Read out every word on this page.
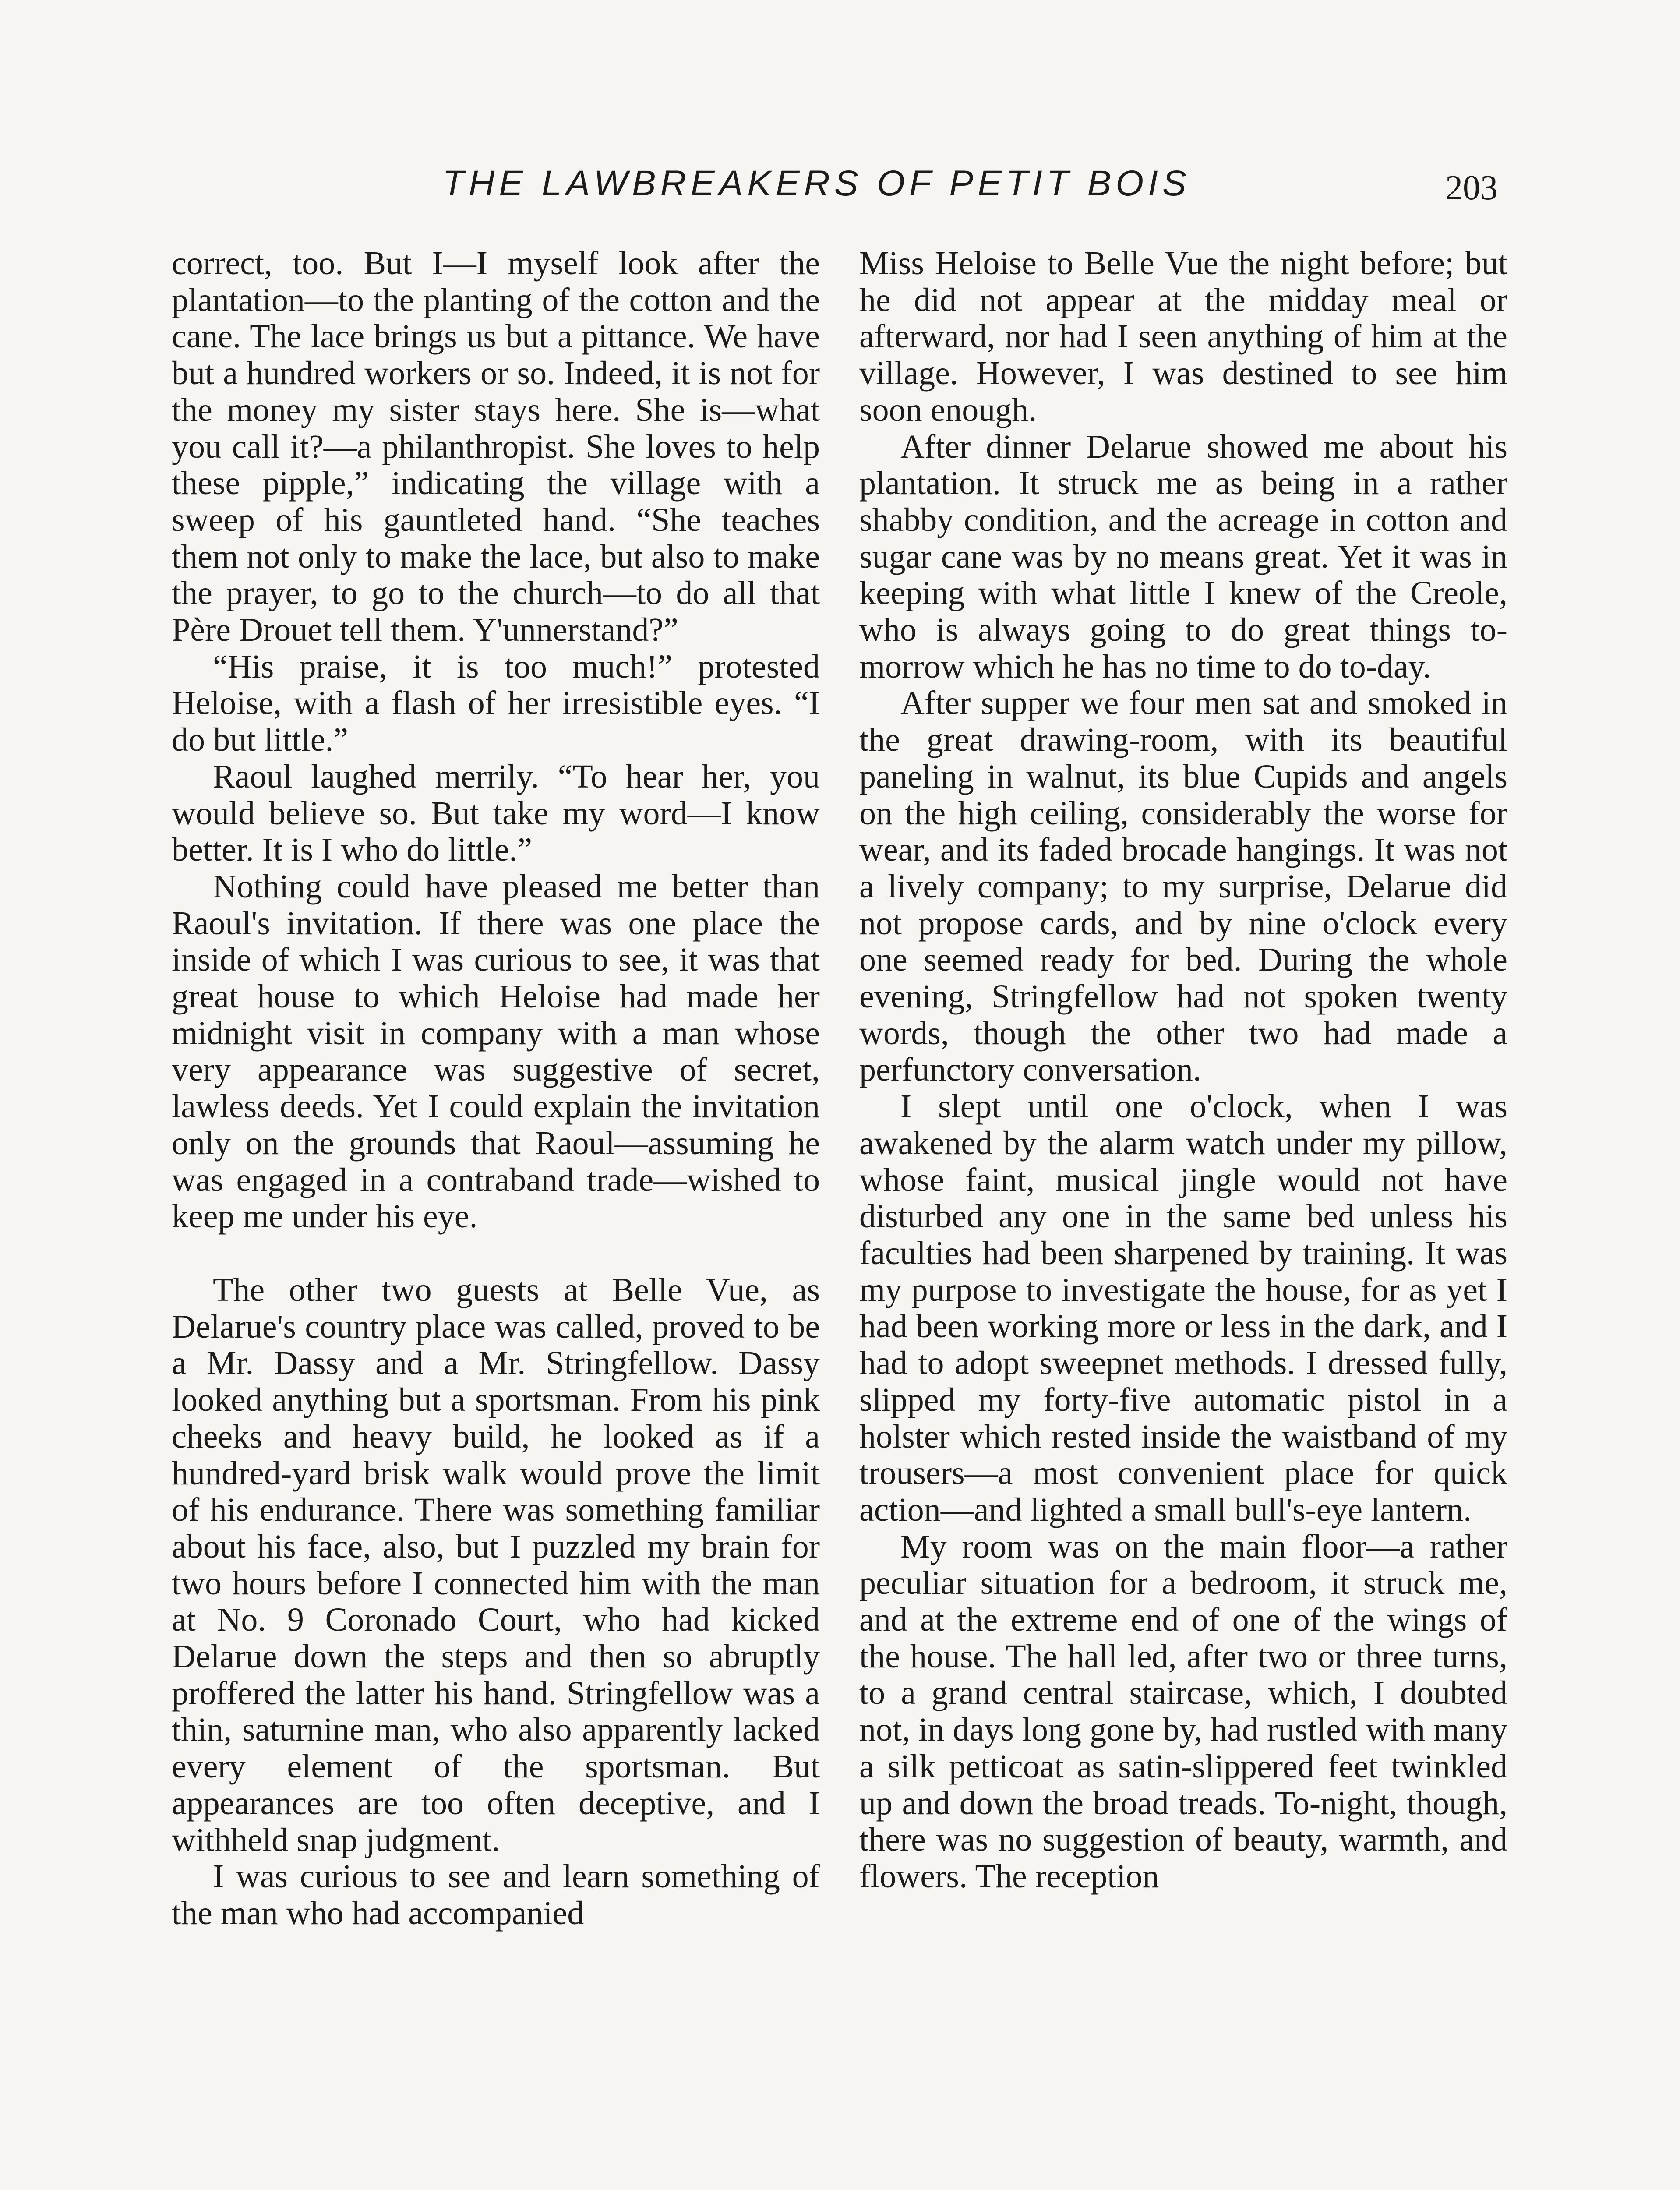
THE LAWBREAKERS OF PETIT BOIS	203

correct, too. But I—I myself look after the plantation—to the planting of the cotton and the cane. The lace brings us but a pittance. We have but a hundred workers or so. Indeed, it is not for the money my sister stays here. She is—what you call it?—a philanthropist. She loves to help these pipple,” indicating the village with a sweep of his gauntleted hand. “She teaches them not only to make the lace, but also to make the prayer, to go to the church—to do all that Père Drouet tell them. Y'unnerstand?”

“His praise, it is too much!” protested Heloise, with a flash of her irresistible eyes. “I do but little.”

Raoul laughed merrily. “To hear her, you would believe so. But take my word—I know better. It is I who do little.”

Nothing could have pleased me better than Raoul's invitation. If there was one place the inside of which I was curious to see, it was that great house to which Heloise had made her midnight visit in company with a man whose very appearance was suggestive of secret, lawless deeds. Yet I could explain the invitation only on the grounds that Raoul—assuming he was engaged in a contraband trade—wished to keep me under his eye.

The other two guests at Belle Vue, as Delarue's country place was called, proved to be a Mr. Dassy and a Mr. Stringfellow. Dassy looked anything but a sportsman. From his pink cheeks and heavy build, he looked as if a hundred-yard brisk walk would prove the limit of his endurance. There was something familiar about his face, also, but I puzzled my brain for two hours before I connected him with the man at No. 9 Coronado Court, who had kicked Delarue down the steps and then so abruptly proffered the latter his hand. Stringfellow was a thin, saturnine man, who also apparently lacked every element of the sportsman. But appearances are too often deceptive, and I withheld snap judgment.

I was curious to see and learn something of the man who had accompanied

Miss Heloise to Belle Vue the night before; but he did not appear at the midday meal or afterward, nor had I seen anything of him at the village. However, I was destined to see him soon enough.

After dinner Delarue showed me about his plantation. It struck me as being in a rather shabby condition, and the acreage in cotton and sugar cane was by no means great. Yet it was in keeping with what little I knew of the Creole, who is always going to do great things to-morrow which he has no time to do to-day.

After supper we four men sat and smoked in the great drawing-room, with its beautiful paneling in walnut, its blue Cupids and angels on the high ceiling, considerably the worse for wear, and its faded brocade hangings. It was not a lively company; to my surprise, Delarue did not propose cards, and by nine o'clock every one seemed ready for bed. During the whole evening, Stringfellow had not spoken twenty words, though the other two had made a perfunctory conversation.

I slept until one o'clock, when I was awakened by the alarm watch under my pillow, whose faint, musical jingle would not have disturbed any one in the same bed unless his faculties had been sharpened by training. It was my purpose to investigate the house, for as yet I had been working more or less in the dark, and I had to adopt sweepnet methods. I dressed fully, slipped my forty-five automatic pistol in a holster which rested inside the waistband of my trousers—a most convenient place for quick action—and lighted a small bull's-eye lantern.

My room was on the main floor—a rather peculiar situation for a bedroom, it struck me, and at the extreme end of one of the wings of the house. The hall led, after two or three turns, to a grand central staircase, which, I doubted not, in days long gone by, had rustled with many a silk petticoat as satin-slippered feet twinkled up and down the broad treads. To-night, though, there was no suggestion of beauty, warmth, and flowers. The reception
